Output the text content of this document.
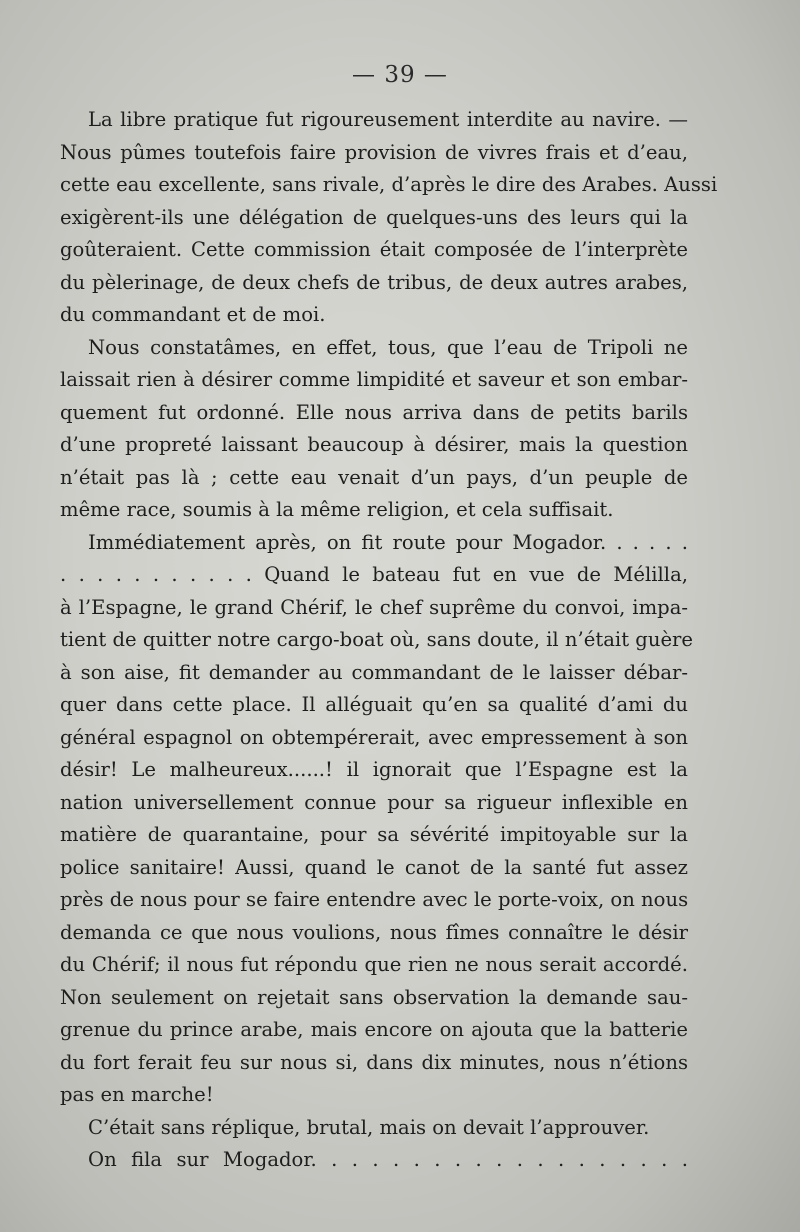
— 39 —
La libre pratique fut rigoureusement interdite au navire. —
Nous pûmes toutefois faire provision de vivres frais et d’eau,
cette eau excellente, sans rivale, d’après le dire des Arabes. Aussi
exigèrent-ils une délégation de quelques-uns des leurs qui la
goûteraient. Cette commission était composée de l’interprète
du pèlerinage, de deux chefs de tribus, de deux autres arabes,
du commandant et de moi.
Nous constatâmes, en effet, tous, que l’eau de Tripoli ne
laissait rien à désirer comme limpidité et saveur et son embar-
quement fut ordonné. Elle nous arriva dans de petits barils
d’une propreté laissant beaucoup à désirer, mais la question
n’était pas là ; cette eau venait d’un pays, d’un peuple de
même race, soumis à la même religion, et cela suffisait.
Immédiatement après, on fit route pour Mogador. . . . . .
. . . . . . . . . . . Quand le bateau fut en vue de Mélilla,
à l’Espagne, le grand Chérif, le chef suprême du convoi, impa-
tient de quitter notre cargo-boat où, sans doute, il n’était guère
à son aise, fit demander au commandant de le laisser débar-
quer dans cette place. Il alléguait qu’en sa qualité d’ami du
général espagnol on obtempérerait, avec empressement à son
désir! Le malheureux......! il ignorait que l’Espagne est la
nation universellement connue pour sa rigueur inflexible en
matière de quarantaine, pour sa sévérité impitoyable sur la
police sanitaire! Aussi, quand le canot de la santé fut assez
près de nous pour se faire entendre avec le porte-voix, on nous
demanda ce que nous voulions, nous fîmes connaître le désir
du Chérif; il nous fut répondu que rien ne nous serait accordé.
Non seulement on rejetait sans observation la demande sau-
grenue du prince arabe, mais encore on ajouta que la batterie
du fort ferait feu sur nous si, dans dix minutes, nous n’étions
pas en marche!
C’était sans réplique, brutal, mais on devait l’approuver.
On fila sur Mogador. . . . . . . . . . . . . . . . . . .
